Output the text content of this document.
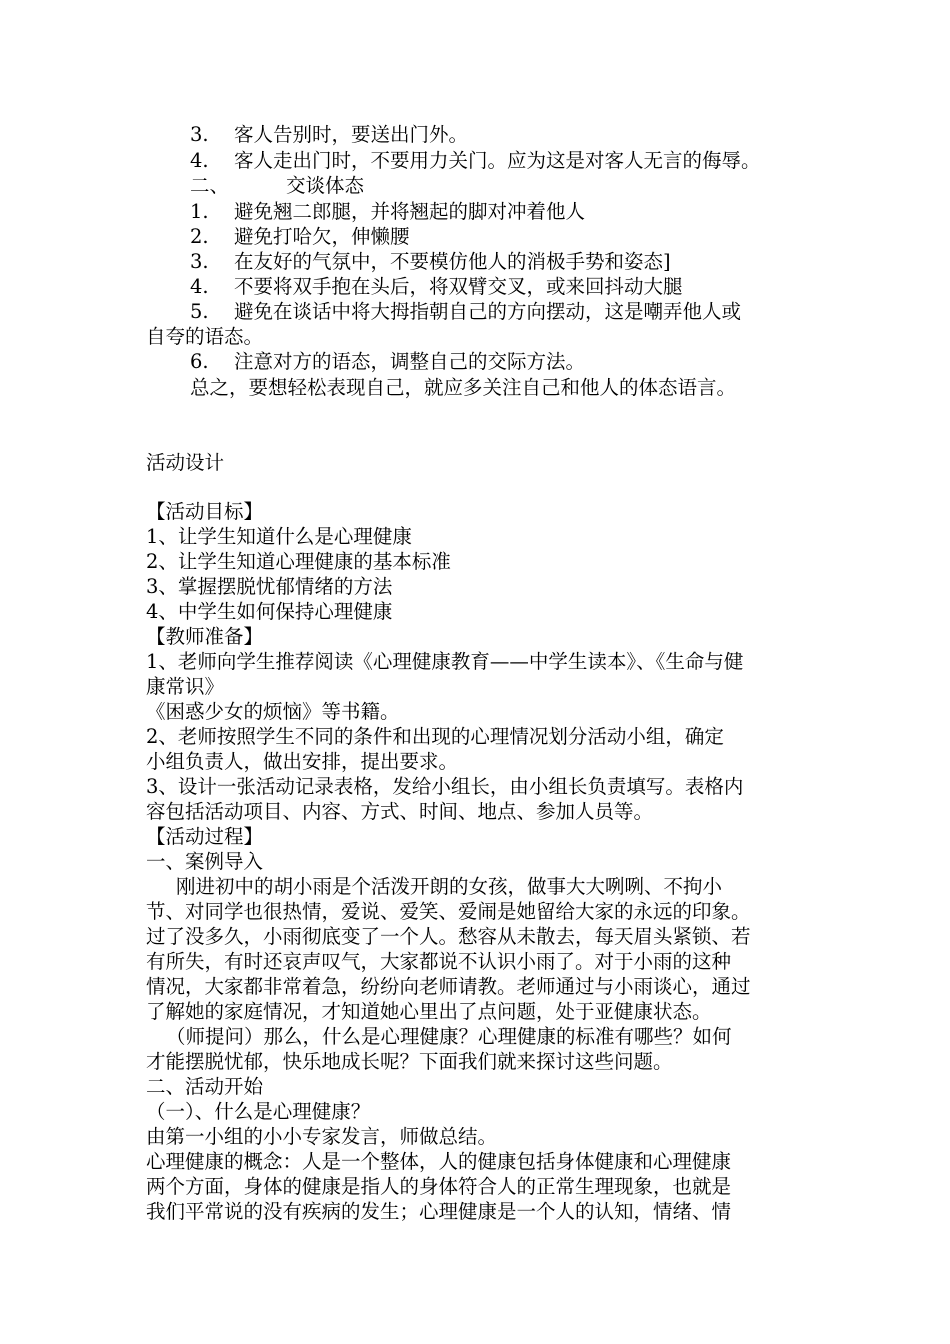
3. 客人告别时，要送出门外。
4. 客人走出门时，不要用力关门。应为这是对客人无言的侮辱。
二、	交谈体态
1. 避免翘二郎腿，并将翘起的脚对冲着他人
2. 避免打哈欠，伸懒腰
3. 在友好的气氛中，不要模仿他人的消极手势和姿态]
4. 不要将双手抱在头后，将双臂交叉，或来回抖动大腿
5. 避免在谈话中将大拇指朝自己的方向摆动，这是嘲弄他人或
自夸的语态。
6. 注意对方的语态，调整自己的交际方法。
总之，要想轻松表现自己，就应多关注自己和他人的体态语言。
活动设计
【活动目标】
1、让学生知道什么是心理健康
2、让学生知道心理健康的基本标准
3、掌握摆脱忧郁情绪的方法
4、中学生如何保持心理健康
【教师准备】
1、老师向学生推荐阅读《心理健康教育——中学生读本》、《生命与健
康常识》
《困惑少女的烦恼》等书籍。
2、老师按照学生不同的条件和出现的心理情况划分活动小组，确定
小组负责人，做出安排，提出要求。
3、设计一张活动记录表格，发给小组长，由小组长负责填写。表格内
容包括活动项目、内容、方式、时间、地点、参加人员等。
【活动过程】
一、案例导入
刚进初中的胡小雨是个活泼开朗的女孩，做事大大咧咧、不拘小
节、对同学也很热情，爱说、爱笑、爱闹是她留给大家的永远的印象。
过了没多久，小雨彻底变了一个人。愁容从未散去，每天眉头紧锁、若
有所失，有时还哀声叹气，大家都说不认识小雨了。对于小雨的这种
情况，大家都非常着急，纷纷向老师请教。老师通过与小雨谈心，通过
了解她的家庭情况，才知道她心里出了点问题，处于亚健康状态。
（师提问）那么，什么是心理健康？心理健康的标准有哪些？如何
才能摆脱忧郁，快乐地成长呢？下面我们就来探讨这些问题。
二、活动开始
（一）、什么是心理健康？
由第一小组的小小专家发言，师做总结。
心理健康的概念：人是一个整体，人的健康包括身体健康和心理健康
两个方面，身体的健康是指人的身体符合人的正常生理现象，也就是
我们平常说的没有疾病的发生；心理健康是一个人的认知，情绪、情
